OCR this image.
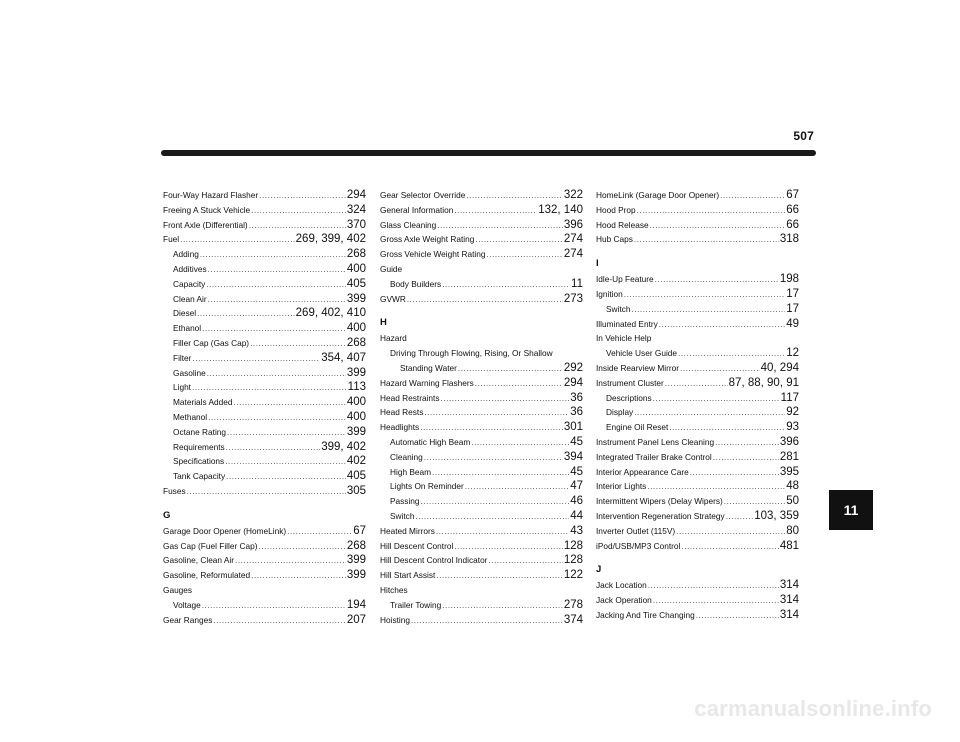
507
Four-Way Hazard Flasher .....	294
Freeing A Stuck Vehicle .....	324
Front Axle (Differential) .....	370
Fuel .....	269, 399, 402
Adding .....	268
Additives .....	400
Capacity .....	405
Clean Air .....	399
Diesel .....	269, 402, 410
Ethanol .....	400
Filler Cap (Gas Cap) .....	268
Filter .....	354, 407
Gasoline .....	399
Light .....	113
Materials Added .....	400
Methanol .....	400
Octane Rating .....	399
Requirements .....	399, 402
Specifications .....	402
Tank Capacity .....	405
Fuses .....	305
G
Garage Door Opener (HomeLink) .....	67
Gas Cap (Fuel Filler Cap) .....	268
Gasoline, Clean Air .....	399
Gasoline, Reformulated .....	399
Gauges
Voltage .....	194
Gear Ranges .....	207
Gear Selector Override .....	322
General Information .....	132, 140
Glass Cleaning .....	396
Gross Axle Weight Rating .....	274
Gross Vehicle Weight Rating .....	274
Guide
Body Builders .....	11
GVWR .....	273
H
Hazard
Driving Through Flowing, Rising, Or Shallow
Standing Water .....	292
Hazard Warning Flashers .....	294
Head Restraints .....	36
Head Rests .....	36
Headlights .....	301
Automatic High Beam .....	45
Cleaning .....	394
High Beam .....	45
Lights On Reminder .....	47
Passing .....	46
Switch .....	44
Heated Mirrors .....	43
Hill Descent Control .....	128
Hill Descent Control Indicator .....	128
Hill Start Assist .....	122
Hitches
Trailer Towing .....	278
Hoisting .....	374
HomeLink (Garage Door Opener) .....	67
Hood Prop .....	66
Hood Release .....	66
Hub Caps .....	318
I
Idle-Up Feature .....	198
Ignition .....	17
Switch .....	17
Illuminated Entry .....	49
In Vehicle Help
Vehicle User Guide .....	12
Inside Rearview Mirror .....	40, 294
Instrument Cluster .....	87, 88, 90, 91
Descriptions .....	117
Display .....	92
Engine Oil Reset .....	93
Instrument Panel Lens Cleaning .....	396
Integrated Trailer Brake Control .....	281
Interior Appearance Care .....	395
Interior Lights .....	48
Intermittent Wipers (Delay Wipers) .....	50
Intervention Regeneration Strategy .....	103, 359
Inverter Outlet (115V) .....	80
iPod/USB/MP3 Control .....	481
J
Jack Location .....	314
Jack Operation .....	314
Jacking And Tire Changing .....	314
11
carmanualsonline.info
